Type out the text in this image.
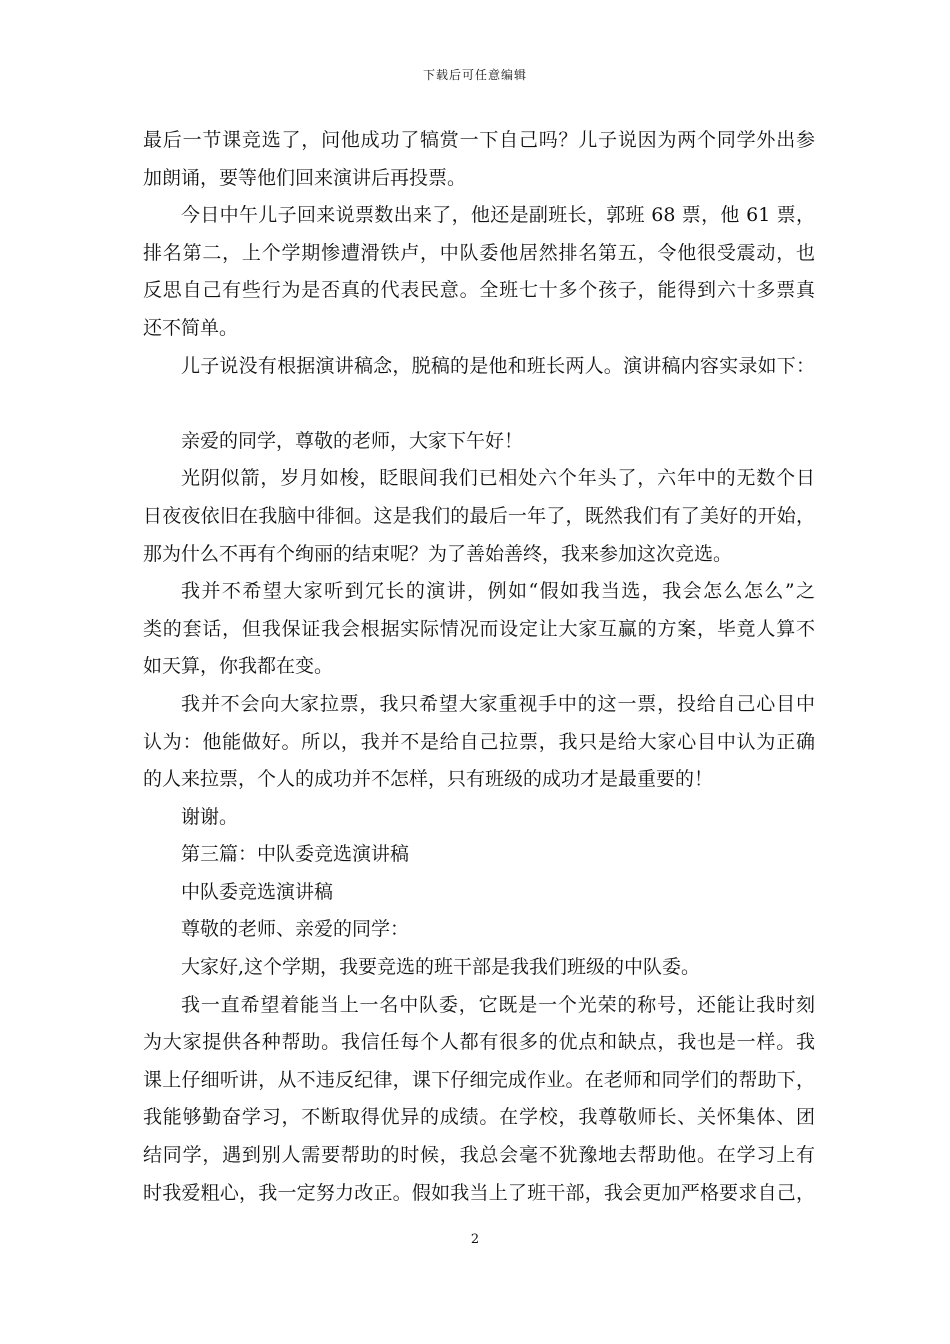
下载后可任意编辑
最后一节课竞选了，问他成功了犒赏一下自己吗？儿子说因为两个同学外出参
加朗诵，要等他们回来演讲后再投票。
今日中午儿子回来说票数出来了，他还是副班长，郭班 68 票，他 61 票，
排名第二，上个学期惨遭滑铁卢，中队委他居然排名第五，令他很受震动，也
反思自己有些行为是否真的代表民意。全班七十多个孩子，能得到六十多票真
还不简单。
儿子说没有根据演讲稿念，脱稿的是他和班长两人。演讲稿内容实录如下：
亲爱的同学，尊敬的老师，大家下午好！
光阴似箭，岁月如梭，眨眼间我们已相处六个年头了，六年中的无数个日
日夜夜依旧在我脑中徘徊。这是我们的最后一年了，既然我们有了美好的开始，
那为什么不再有个绚丽的结束呢？为了善始善终，我来参加这次竞选。
我并不希望大家听到冗长的演讲，例如“假如我当选，我会怎么怎么”之
类的套话，但我保证我会根据实际情况而设定让大家互赢的方案，毕竟人算不
如天算，你我都在变。
我并不会向大家拉票，我只希望大家重视手中的这一票，投给自己心目中
认为：他能做好。所以，我并不是给自己拉票，我只是给大家心目中认为正确
的人来拉票，个人的成功并不怎样，只有班级的成功才是最重要的！
谢谢。
第三篇：中队委竞选演讲稿
中队委竞选演讲稿
尊敬的老师、亲爱的同学：
大家好,这个学期，我要竞选的班干部是我我们班级的中队委。
我一直希望着能当上一名中队委，它既是一个光荣的称号，还能让我时刻
为大家提供各种帮助。我信任每个人都有很多的优点和缺点，我也是一样。我
课上仔细听讲，从不违反纪律，课下仔细完成作业。在老师和同学们的帮助下，
我能够勤奋学习，不断取得优异的成绩。在学校，我尊敬师长、关怀集体、团
结同学，遇到别人需要帮助的时候，我总会毫不犹豫地去帮助他。在学习上有
时我爱粗心，我一定努力改正。假如我当上了班干部，我会更加严格要求自己，
2
